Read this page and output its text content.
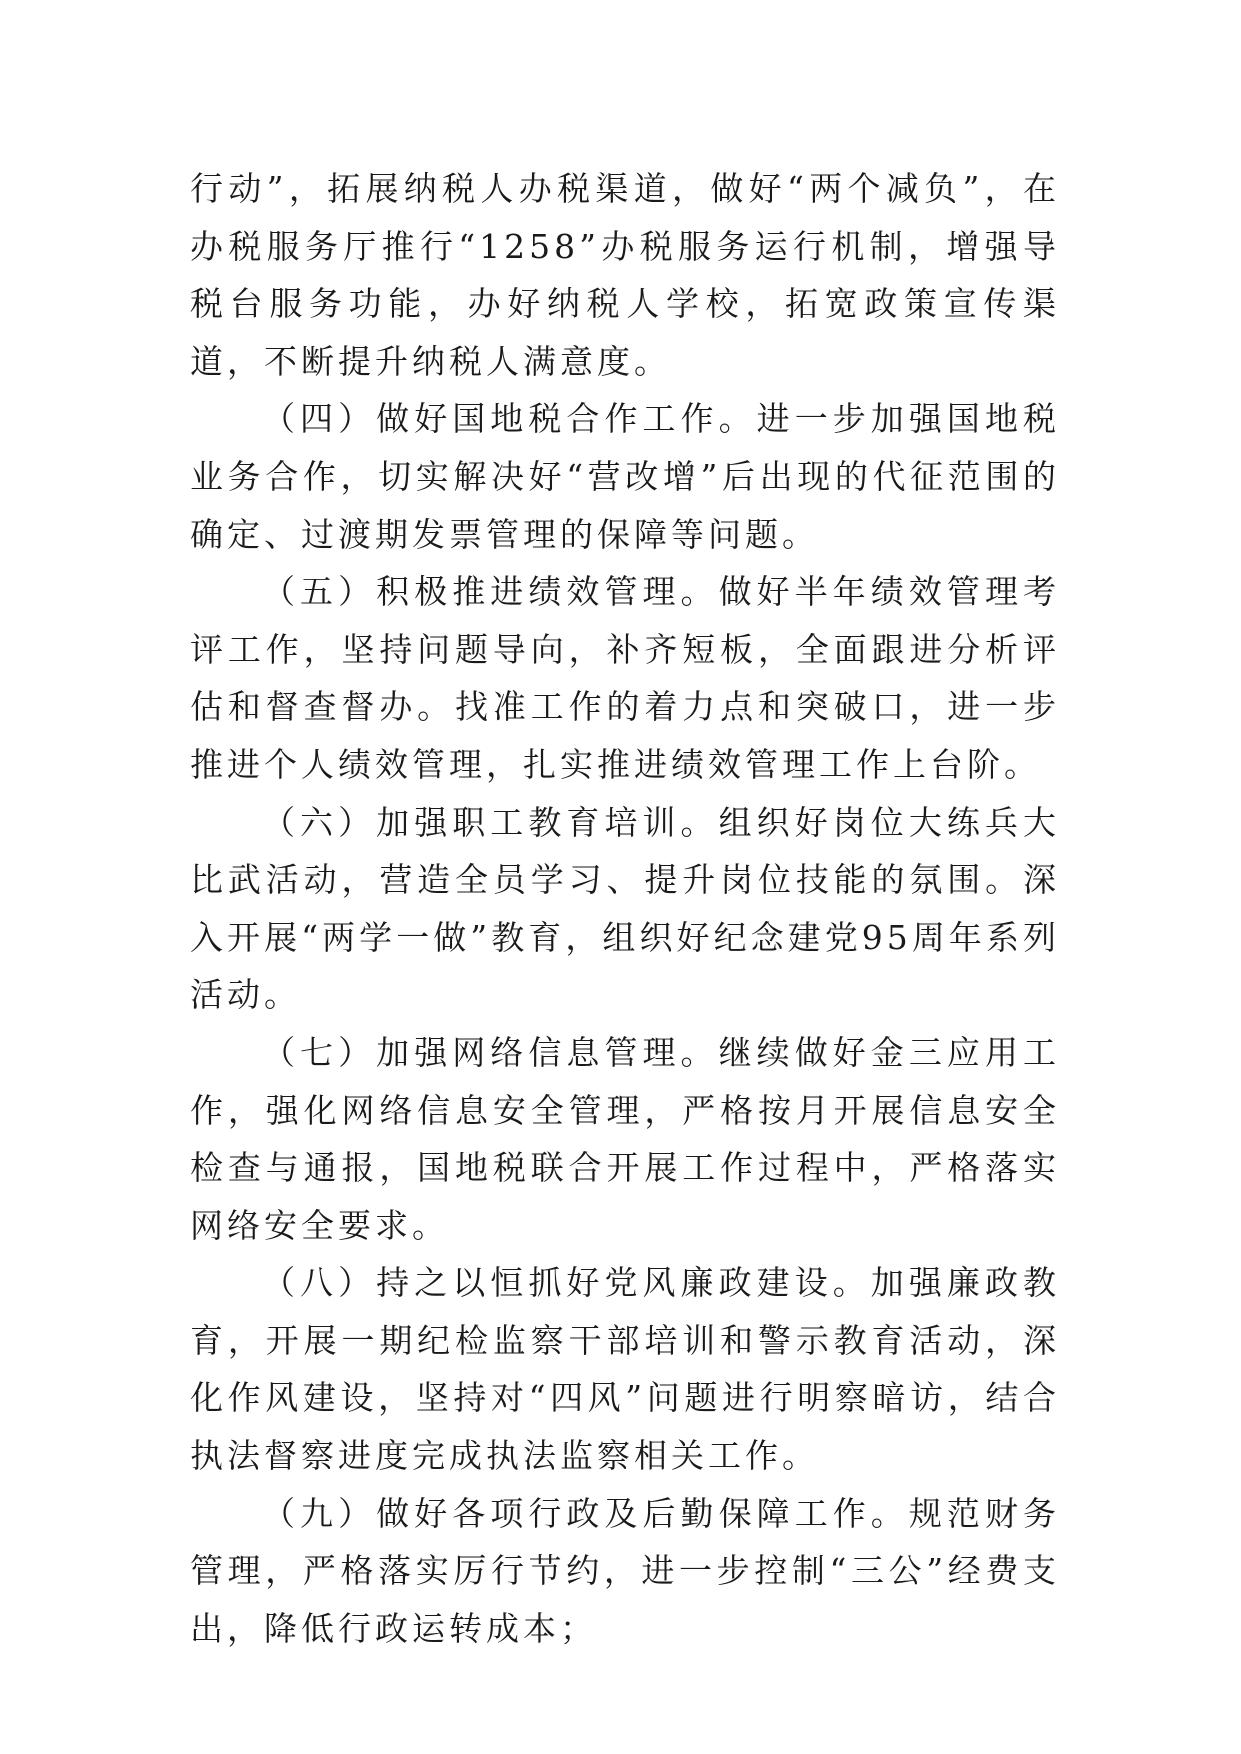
行动”，拓展纳税人办税渠道，做好“两个减负”，在办税服务厅推行“1258”办税服务运行机制，增强导税台服务功能，办好纳税人学校，拓宽政策宣传渠道，不断提升纳税人满意度。

（四）做好国地税合作工作。进一步加强国地税业务合作，切实解决好“营改增”后出现的代征范围的确定、过渡期发票管理的保障等问题。

（五）积极推进绩效管理。做好半年绩效管理考评工作，坚持问题导向，补齐短板，全面跟进分析评估和督查督办。找准工作的着力点和突破口，进一步推进个人绩效管理，扎实推进绩效管理工作上台阶。

（六）加强职工教育培训。组织好岗位大练兵大比武活动，营造全员学习、提升岗位技能的氛围。深入开展“两学一做”教育，组织好纪念建党95周年系列活动。

（七）加强网络信息管理。继续做好金三应用工作，强化网络信息安全管理，严格按月开展信息安全检查与通报，国地税联合开展工作过程中，严格落实网络安全要求。

（八）持之以恒抓好党风廉政建设。加强廉政教育，开展一期纪检监察干部培训和警示教育活动，深化作风建设，坚持对“四风”问题进行明察暗访，结合执法督察进度完成执法监察相关工作。

（九）做好各项行政及后勤保障工作。规范财务管理，严格落实厉行节约，进一步控制“三公”经费支出，降低行政运转成本；
